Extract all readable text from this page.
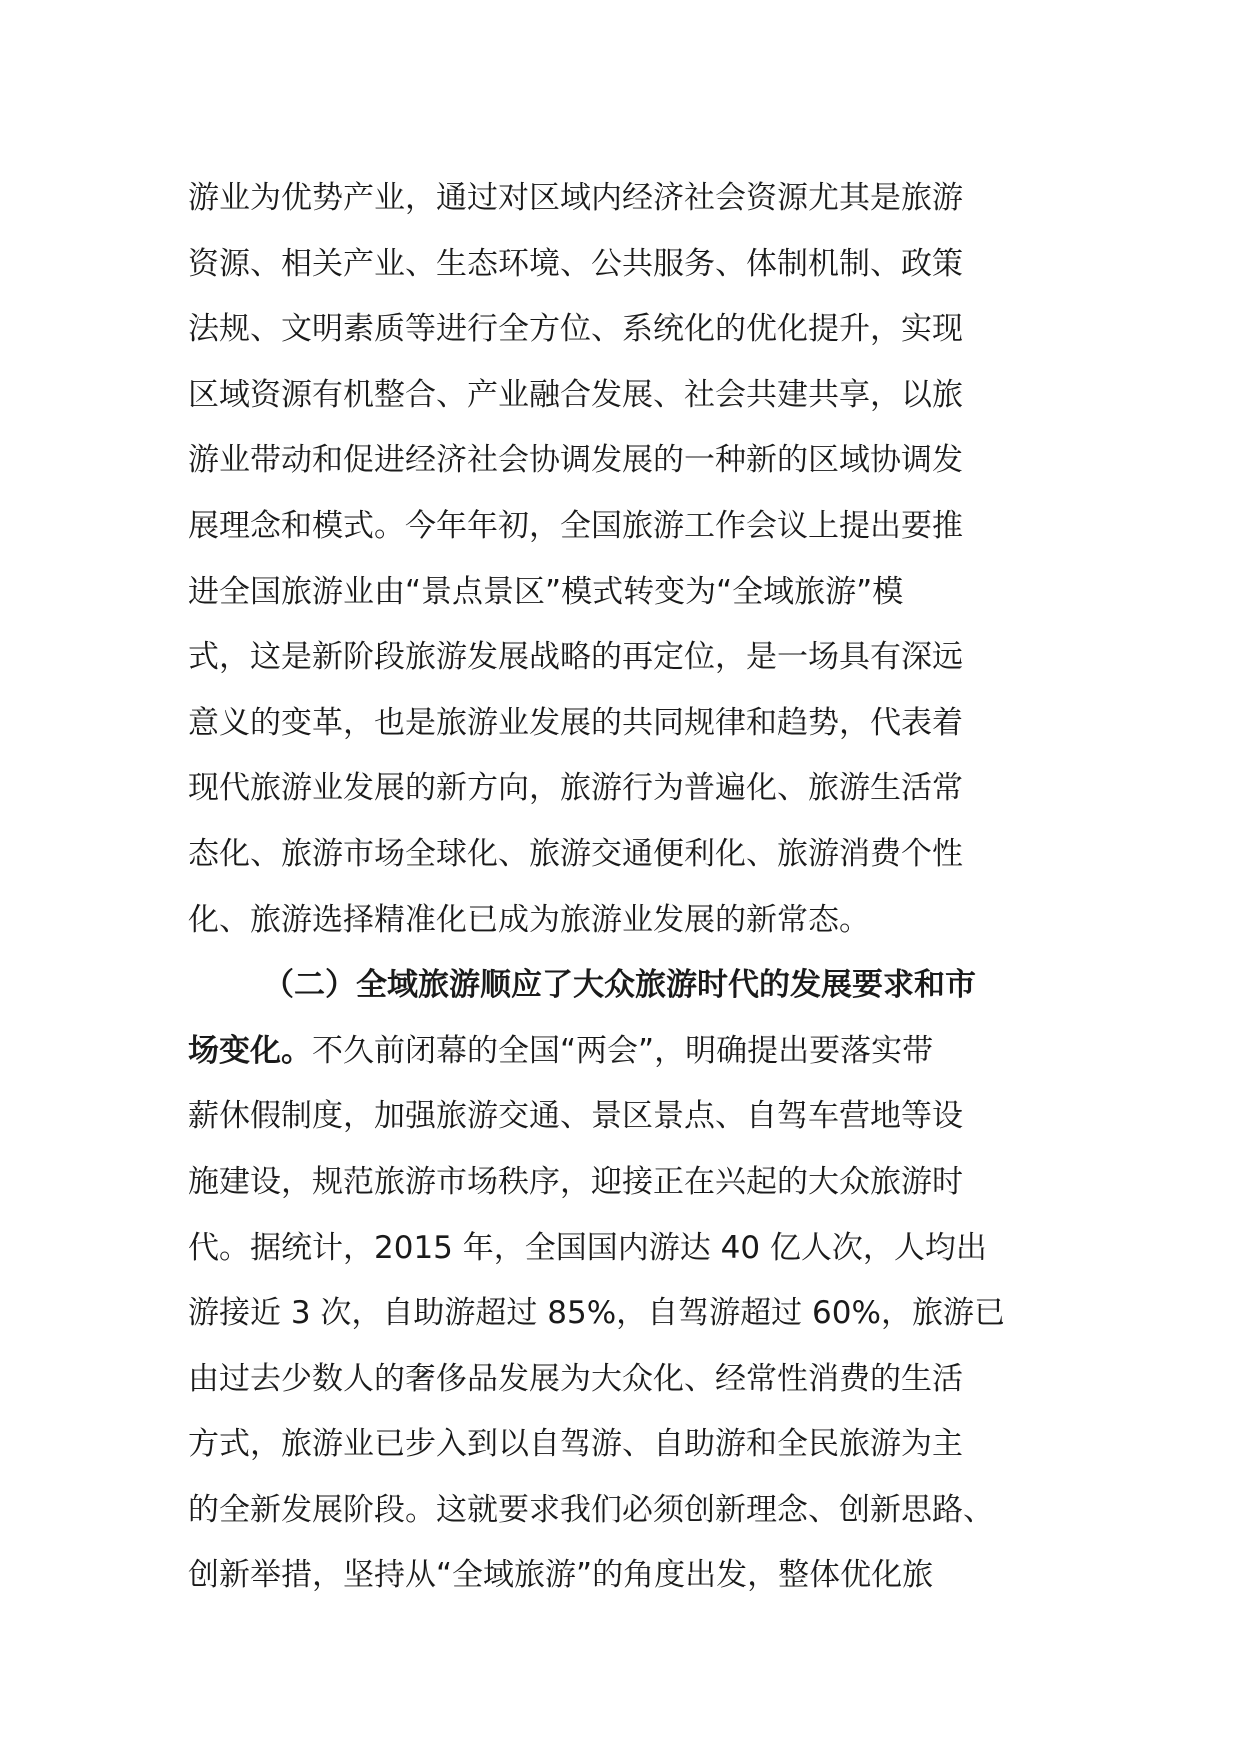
游业为优势产业，通过对区域内经济社会资源尤其是旅游
资源、相关产业、生态环境、公共服务、体制机制、政策
法规、文明素质等进行全方位、系统化的优化提升，实现
区域资源有机整合、产业融合发展、社会共建共享，以旅
游业带动和促进经济社会协调发展的一种新的区域协调发
展理念和模式。今年年初，全国旅游工作会议上提出要推
进全国旅游业由“景点景区”模式转变为“全域旅游”模
式，这是新阶段旅游发展战略的再定位，是一场具有深远
意义的变革，也是旅游业发展的共同规律和趋势，代表着
现代旅游业发展的新方向，旅游行为普遍化、旅游生活常
态化、旅游市场全球化、旅游交通便利化、旅游消费个性
化、旅游选择精准化已成为旅游业发展的新常态。
（二）全域旅游顺应了大众旅游时代的发展要求和市
场变化。不久前闭幕的全国“两会”，明确提出要落实带
薪休假制度，加强旅游交通、景区景点、自驾车营地等设
施建设，规范旅游市场秩序，迎接正在兴起的大众旅游时
代。据统计，2015 年，全国国内游达 40 亿人次，人均出
游接近 3 次，自助游超过 85%，自驾游超过 60%，旅游已
由过去少数人的奢侈品发展为大众化、经常性消费的生活
方式，旅游业已步入到以自驾游、自助游和全民旅游为主
的全新发展阶段。这就要求我们必须创新理念、创新思路、
创新举措，坚持从“全域旅游”的角度出发，整体优化旅
